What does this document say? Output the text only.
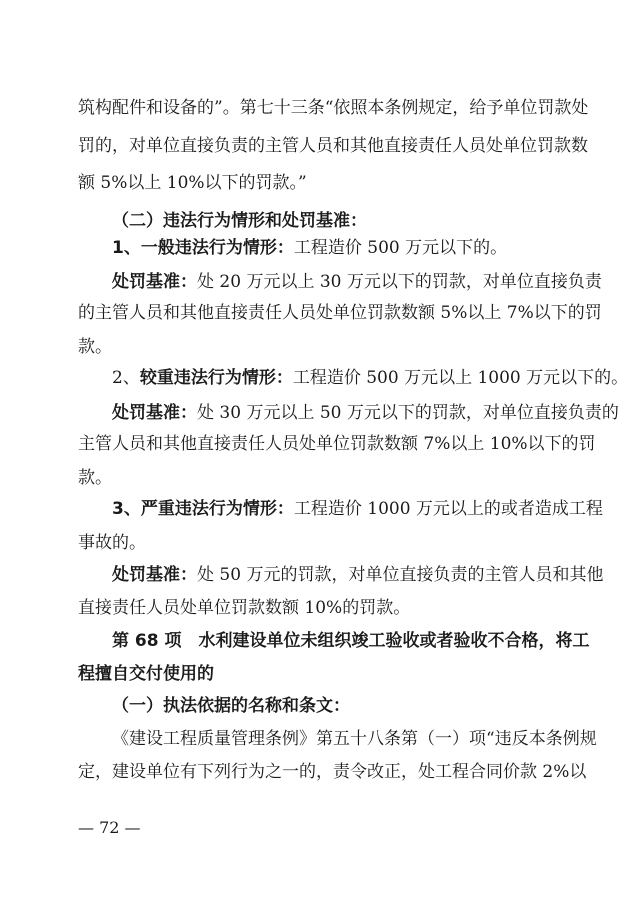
筑构配件和设备的”。第七十三条“依照本条例规定，给予单位罚款处
罚的，对单位直接负责的主管人员和其他直接责任人员处单位罚款数
额 5%以上 10%以下的罚款。”
（二）违法行为情形和处罚基准：
1、一般违法行为情形：工程造价 500 万元以下的。
处罚基准：处 20 万元以上 30 万元以下的罚款，对单位直接负责
的主管人员和其他直接责任人员处单位罚款数额 5%以上 7%以下的罚
款。
2、较重违法行为情形：工程造价 500 万元以上 1000 万元以下的。
处罚基准：处 30 万元以上 50 万元以下的罚款，对单位直接负责的
主管人员和其他直接责任人员处单位罚款数额 7%以上 10%以下的罚
款。
3、严重违法行为情形：工程造价 1000 万元以上的或者造成工程
事故的。
处罚基准：处 50 万元的罚款，对单位直接负责的主管人员和其他
直接责任人员处单位罚款数额 10%的罚款。
第 68 项　水利建设单位未组织竣工验收或者验收不合格，将工
程擅自交付使用的
（一）执法依据的名称和条文：
《建设工程质量管理条例》第五十八条第（一）项“违反本条例规
定，建设单位有下列行为之一的，责令改正，处工程合同价款 2%以
— 72 —
